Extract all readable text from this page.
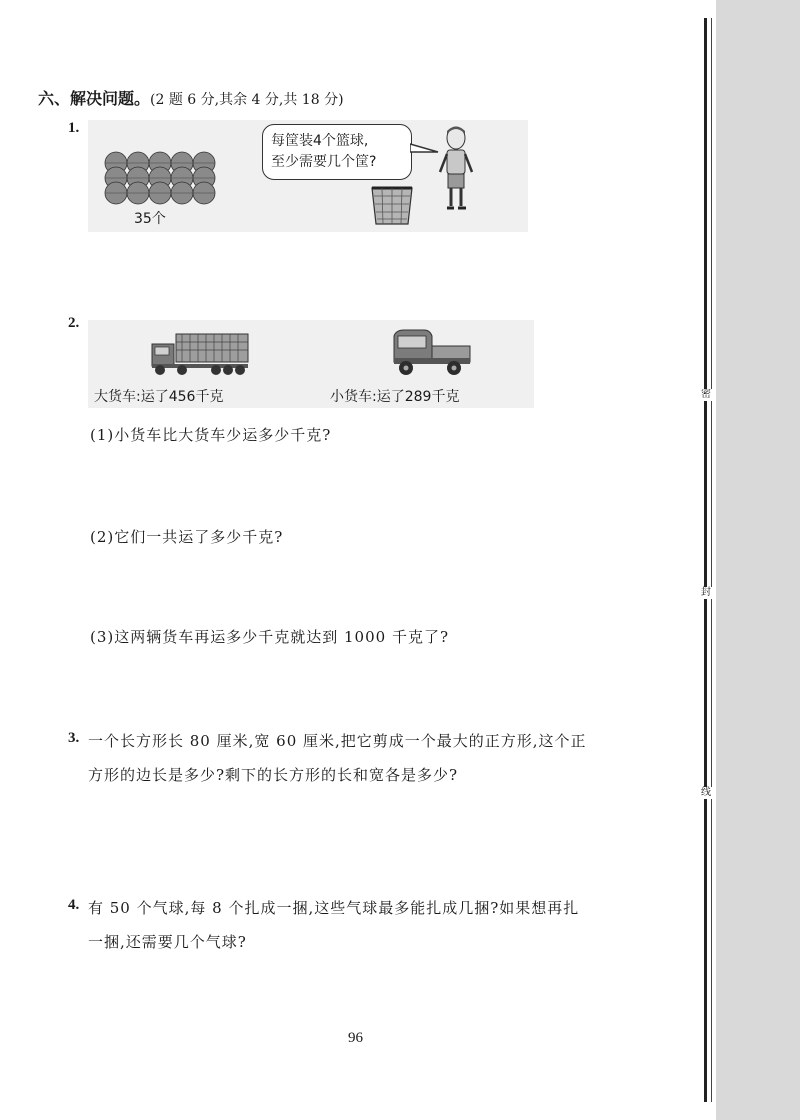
密
封
线
六、解决问题。(2 题 6 分,其余 4 分,共 18 分)
1.
35个
每筐装4个篮球,
至少需要几个筐?
2.
大货车:运了456千克	小货车:运了289千克
(1)小货车比大货车少运多少千克?
(2)它们一共运了多少千克?
(3)这两辆货车再运多少千克就达到 1000 千克了?
3. 一个长方形长 80 厘米,宽 60 厘米,把它剪成一个最大的正方形,这个正
方形的边长是多少?剩下的长方形的长和宽各是多少?
4. 有 50 个气球,每 8 个扎成一捆,这些气球最多能扎成几捆?如果想再扎
一捆,还需要几个气球?
96
